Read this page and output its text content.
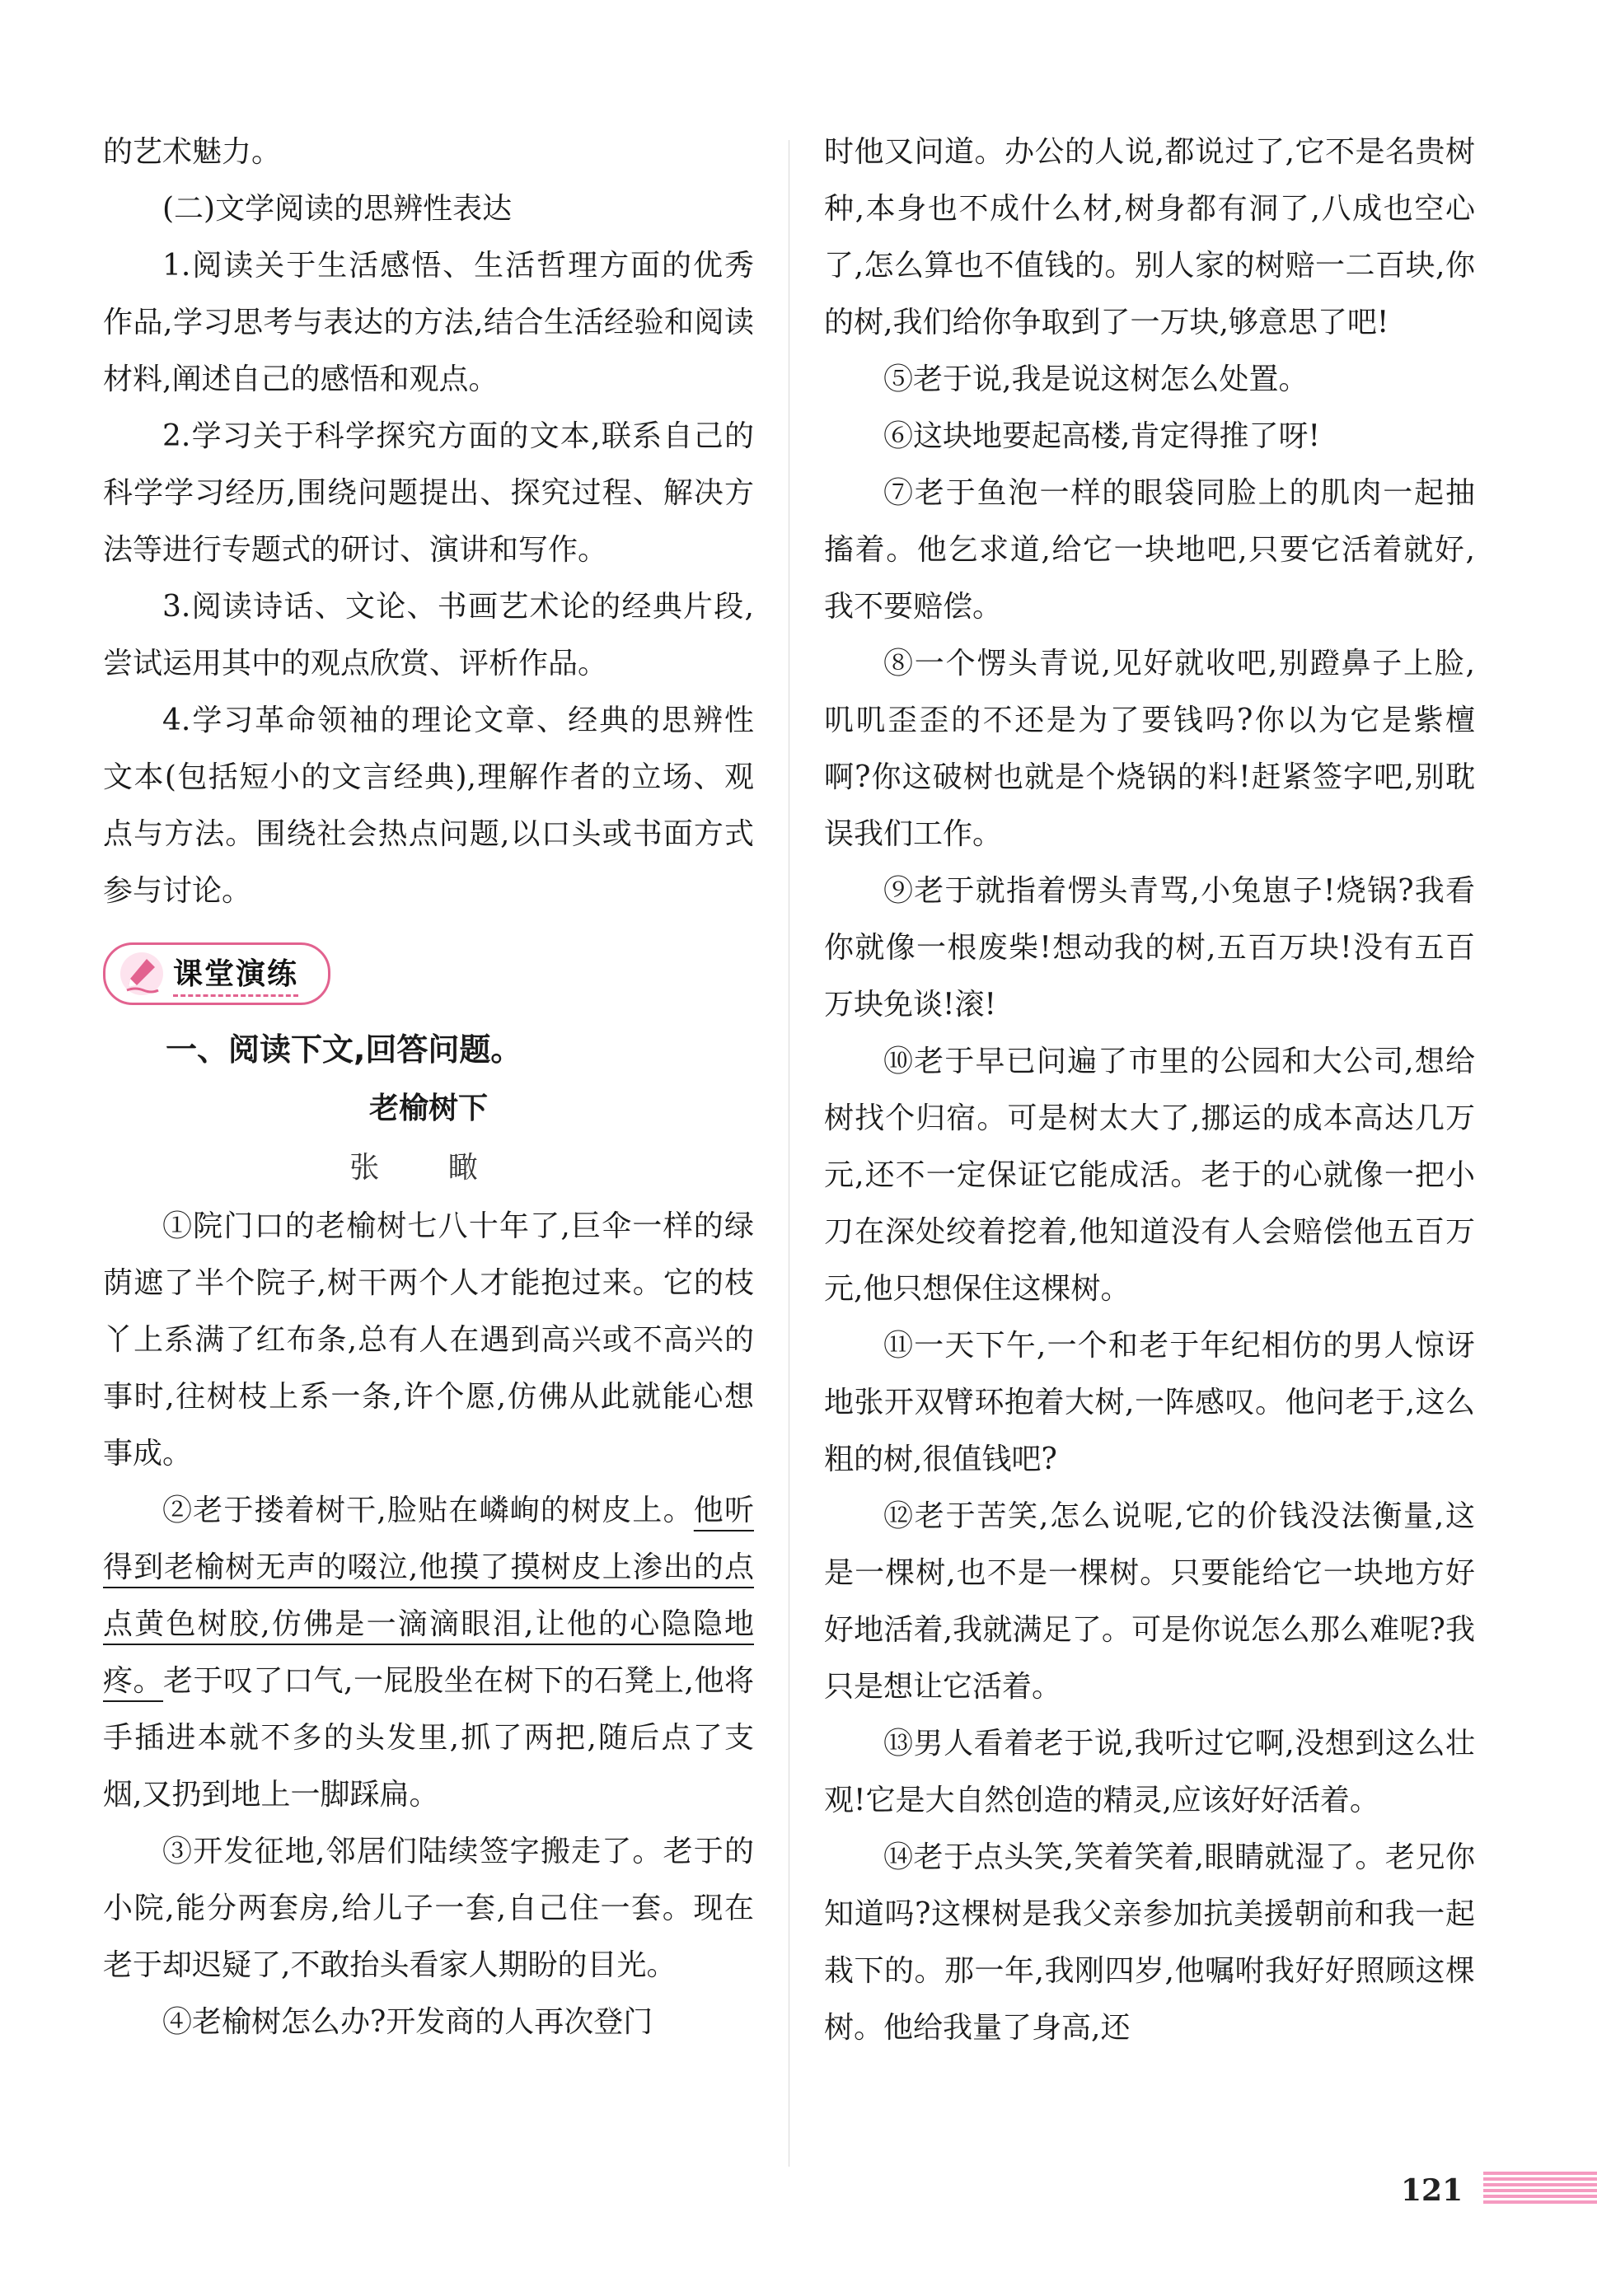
的艺术魅力。

(二)文学阅读的思辨性表达

1.阅读关于生活感悟、生活哲理方面的优秀作品,学习思考与表达的方法,结合生活经验和阅读材料,阐述自己的感悟和观点。

2.学习关于科学探究方面的文本,联系自己的科学学习经历,围绕问题提出、探究过程、解决方法等进行专题式的研讨、演讲和写作。

3.阅读诗话、文论、书画艺术论的经典片段,尝试运用其中的观点欣赏、评析作品。

4.学习革命领袖的理论文章、经典的思辨性文本(包括短小的文言经典),理解作者的立场、观点与方法。围绕社会热点问题,以口头或书面方式参与讨论。

课堂演练

一、阅读下文,回答问题。

老榆树下

张 瞰

①院门口的老榆树七八十年了,巨伞一样的绿荫遮了半个院子,树干两个人才能抱过来。它的枝丫上系满了红布条,总有人在遇到高兴或不高兴的事时,往树枝上系一条,许个愿,仿佛从此就能心想事成。

②老于搂着树干,脸贴在嶙峋的树皮上。他听得到老榆树无声的啜泣,他摸了摸树皮上渗出的点点黄色树胶,仿佛是一滴滴眼泪,让他的心隐隐地疼。老于叹了口气,一屁股坐在树下的石凳上,他将手插进本就不多的头发里,抓了两把,随后点了支烟,又扔到地上一脚踩扁。

③开发征地,邻居们陆续签字搬走了。老于的小院,能分两套房,给儿子一套,自己住一套。现在老于却迟疑了,不敢抬头看家人期盼的目光。

④老榆树怎么办?开发商的人再次登门

时他又问道。办公的人说,都说过了,它不是名贵树种,本身也不成什么材,树身都有洞了,八成也空心了,怎么算也不值钱的。别人家的树赔一二百块,你的树,我们给你争取到了一万块,够意思了吧!

⑤老于说,我是说这树怎么处置。

⑥这块地要起高楼,肯定得推了呀!

⑦老于鱼泡一样的眼袋同脸上的肌肉一起抽搐着。他乞求道,给它一块地吧,只要它活着就好,我不要赔偿。

⑧一个愣头青说,见好就收吧,别蹬鼻子上脸,叽叽歪歪的不还是为了要钱吗?你以为它是紫檀啊?你这破树也就是个烧锅的料!赶紧签字吧,别耽误我们工作。

⑨老于就指着愣头青骂,小兔崽子!烧锅?我看你就像一根废柴!想动我的树,五百万块!没有五百万块免谈!滚!

⑩老于早已问遍了市里的公园和大公司,想给树找个归宿。可是树太大了,挪运的成本高达几万元,还不一定保证它能成活。老于的心就像一把小刀在深处绞着挖着,他知道没有人会赔偿他五百万元,他只想保住这棵树。

⑪一天下午,一个和老于年纪相仿的男人惊讶地张开双臂环抱着大树,一阵感叹。他问老于,这么粗的树,很值钱吧?

⑫老于苦笑,怎么说呢,它的价钱没法衡量,这是一棵树,也不是一棵树。只要能给它一块地方好好地活着,我就满足了。可是你说怎么那么难呢?我只是想让它活着。

⑬男人看着老于说,我听过它啊,没想到这么壮观!它是大自然创造的精灵,应该好好活着。

⑭老于点头笑,笑着笑着,眼睛就湿了。老兄你知道吗?这棵树是我父亲参加抗美援朝前和我一起栽下的。那一年,我刚四岁,他嘱咐我好好照顾这棵树。他给我量了身高,还

121
